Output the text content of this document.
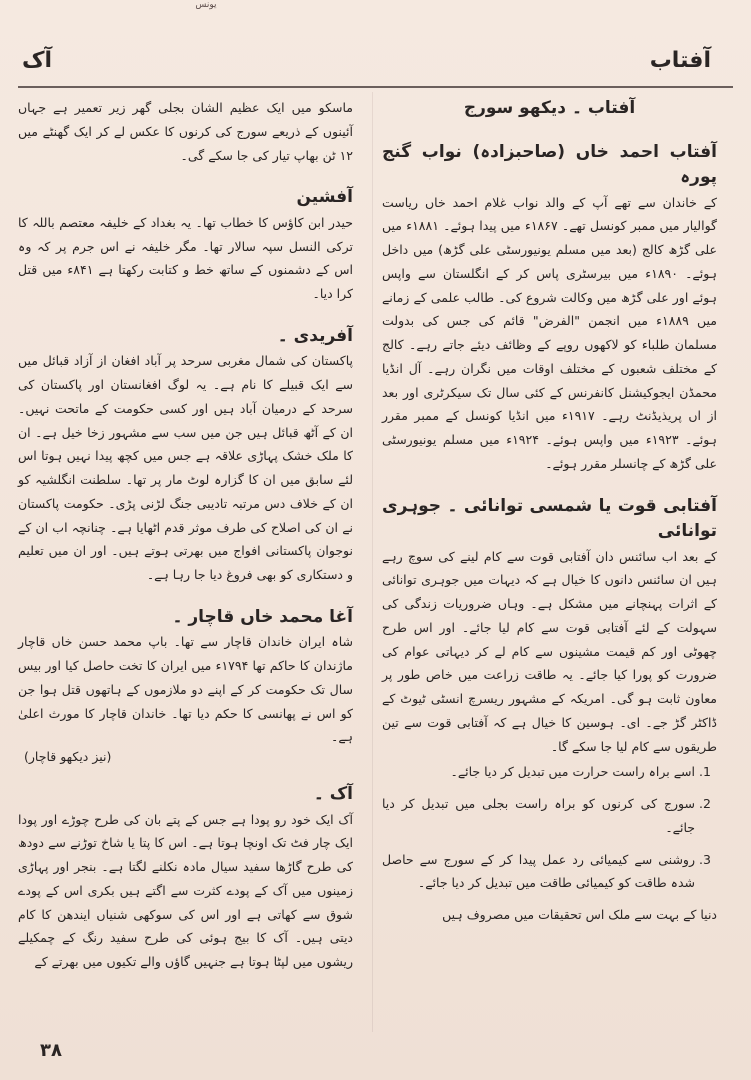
یونس
آفتاب
آک
آفتاب ۔ دیکھو سورج
آفتاب احمد خاں (صاحبزادہ) نواب گنج پورہ
کے خاندان سے تھے آپ کے والد نواب غلام احمد خاں ریاست گوالیار میں ممبر کونسل تھے۔ ۱۸۶۷ء میں پیدا ہوئے۔ ۱۸۸۱ء میں علی گڑھ کالج (بعد میں مسلم یونیورسٹی علی گڑھ) میں داخل ہوئے۔ ۱۸۹۰ء میں بیرسٹری پاس کر کے انگلستان سے واپس ہوئے اور علی گڑھ میں وکالت شروع کی۔ طالب علمی کے زمانے میں ۱۸۸۹ء میں انجمن "الفرض" قائم کی جس کی بدولت مسلمان طلباء کو لاکھوں روپے کے وظائف دیئے جاتے رہے۔ کالج کے مختلف شعبوں کے مختلف اوقات میں نگران رہے۔ آل انڈیا محمڈن ایجوکیشنل کانفرنس کے کئی سال تک سیکرٹری اور بعد از اں پریذیڈنٹ رہے۔ ۱۹۱۷ء میں انڈیا کونسل کے ممبر مقرر ہوئے۔ ۱۹۲۳ء میں واپس ہوئے۔ ۱۹۲۴ء میں مسلم یونیورسٹی علی گڑھ کے چانسلر مقرر ہوئے۔
آفتابی قوت یا شمسی توانائی ۔ جوہری توانائی
کے بعد اب سائنس دان آفتابی قوت سے کام لینے کی سوچ رہے ہیں ان سائنس دانوں کا خیال ہے کہ دیہات میں جوہری توانائی کے اثرات پہنچانے میں مشکل ہے۔ وہاں ضروریات زندگی کی سہولت کے لئے آفتابی قوت سے کام لیا جائے۔ اور اس طرح چھوٹی اور کم قیمت مشینوں سے کام لے کر دیہاتی عوام کی ضرورت کو پورا کیا جائے۔ یہ طاقت زراعت میں خاص طور پر معاون ثابت ہو گی۔ امریکہ کے مشہور ریسرچ انسٹی ٹیوٹ کے ڈاکٹر گڑ جے۔ ای۔ ہوسین کا خیال ہے کہ آفتابی قوت سے تین طریقوں سے کام لیا جا سکے گا۔
1. اسے براہ راست حرارت میں تبدیل کر دیا جائے۔
2. سورج کی کرنوں کو براہ راست بجلی میں تبدیل کر دیا جائے۔
3. روشنی سے کیمیائی رد عمل پیدا کر کے سورج سے حاصل شدہ طاقت کو کیمیائی طاقت میں تبدیل کر دیا جائے۔
دنیا کے بہت سے ملک اس تحقیقات میں مصروف ہیں
ماسکو میں ایک عظیم الشان بجلی گھر زیر تعمیر ہے جہاں آئینوں کے ذریعے سورج کی کرنوں کا عکس لے کر ایک گھنٹے میں ۱۲ ٹن بھاپ تیار کی جا سکے گی۔
آفشین
حیدر ابن کاؤس کا خطاب تھا۔ یہ بغداد کے خلیفہ معتصم باللہ کا ترکی النسل سپہ سالار تھا۔ مگر خلیفہ نے اس جرم پر کہ وہ اس کے دشمنوں کے ساتھ خط و کتابت رکھتا ہے ۸۴۱ء میں قتل کرا دیا۔
آفریدی ۔
پاکستان کی شمال مغربی سرحد پر آباد افغان از آزاد قبائل میں سے ایک قبیلے کا نام ہے۔ یہ لوگ افغانستان اور پاکستان کی سرحد کے درمیان آباد ہیں اور کسی حکومت کے ماتحت نہیں۔ ان کے آٹھ قبائل ہیں جن میں سب سے مشہور زخا خیل ہے۔ ان کا ملک خشک پہاڑی علاقہ ہے جس میں کچھ پیدا نہیں ہوتا اس لئے سابق میں ان کا گزارہ لوٹ مار پر تھا۔ سلطنت انگلشیہ کو ان کے خلاف دس مرتبہ تادیبی جنگ لڑنی پڑی۔ حکومت پاکستان نے ان کی اصلاح کی طرف موثر قدم اٹھایا ہے۔ چنانچہ اب ان کے نوجوان پاکستانی افواج میں بھرتی ہوتے ہیں۔ اور ان میں تعلیم و دستکاری کو بھی فروغ دیا جا رہا ہے۔
آغا محمد خاں قاچار ۔
شاہ ایران خاندان قاچار سے تھا۔ باپ محمد حسن خاں قاچار ماژندان کا حاکم تھا ۱۷۹۴ء میں ایران کا تخت حاصل کیا اور بیس سال تک حکومت کر کے اپنے دو ملازموں کے ہاتھوں قتل ہوا جن کو اس نے پھانسی کا حکم دیا تھا۔ خاندان قاچار کا مورث اعلیٰ ہے۔
(نیز دیکھو قاچار)
آک ۔
آک ایک خود رو پودا ہے جس کے پتے بان کی طرح چوڑے اور پودا ایک چار فٹ تک اونچا ہوتا ہے۔ اس کا پتا یا شاخ توڑنے سے دودھ کی طرح گاڑھا سفید سیال مادہ نکلنے لگتا ہے۔ بنجر اور پہاڑی زمینوں میں آک کے پودے کثرت سے اگتے ہیں بکری اس کے پودے شوق سے کھاتی ہے اور اس کی سوکھی شنیاں ایندھن کا کام دیتی ہیں۔ آک کا بیج ہوئی کی طرح سفید رنگ کے چمکیلے ریشوں میں لپٹا ہوتا ہے جنہیں گاؤں والے تکیوں میں بھرتے کے
۳۸
